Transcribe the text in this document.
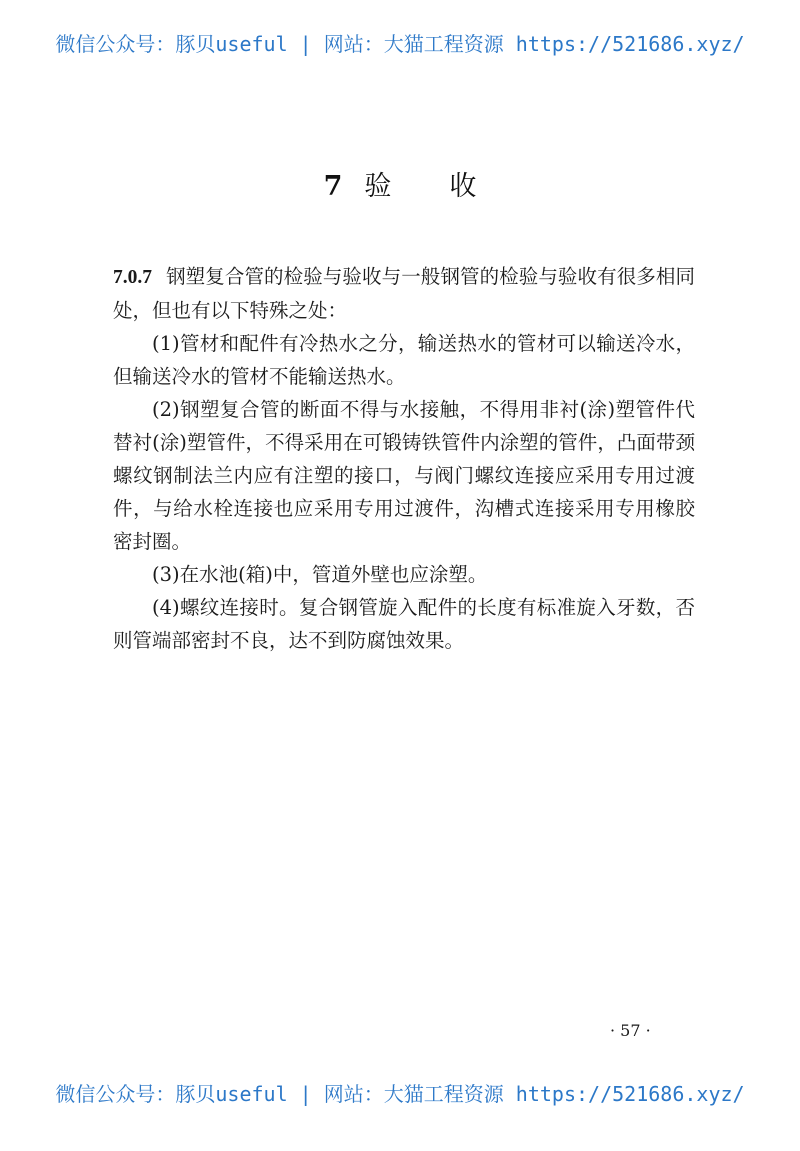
微信公众号：豚贝useful | 网站：大猫工程资源 https://521686.xyz/
7 验收

7.0.7 钢塑复合管的检验与验收与一般钢管的检验与验收有很多相同处，但也有以下特殊之处：

(1)管材和配件有冷热水之分，输送热水的管材可以输送冷水，但输送冷水的管材不能输送热水。

(2)钢塑复合管的断面不得与水接触，不得用非衬(涂)塑管件代替衬(涂)塑管件，不得采用在可锻铸铁管件内涂塑的管件，凸面带颈螺纹钢制法兰内应有注塑的接口，与阀门螺纹连接应采用专用过渡件，与给水栓连接也应采用专用过渡件，沟槽式连接采用专用橡胶密封圈。

(3)在水池(箱)中，管道外壁也应涂塑。

(4)螺纹连接时。复合钢管旋入配件的长度有标准旋入牙数，否则管端部密封不良，达不到防腐蚀效果。

· 57 ·
微信公众号：豚贝useful | 网站：大猫工程资源 https://521686.xyz/
